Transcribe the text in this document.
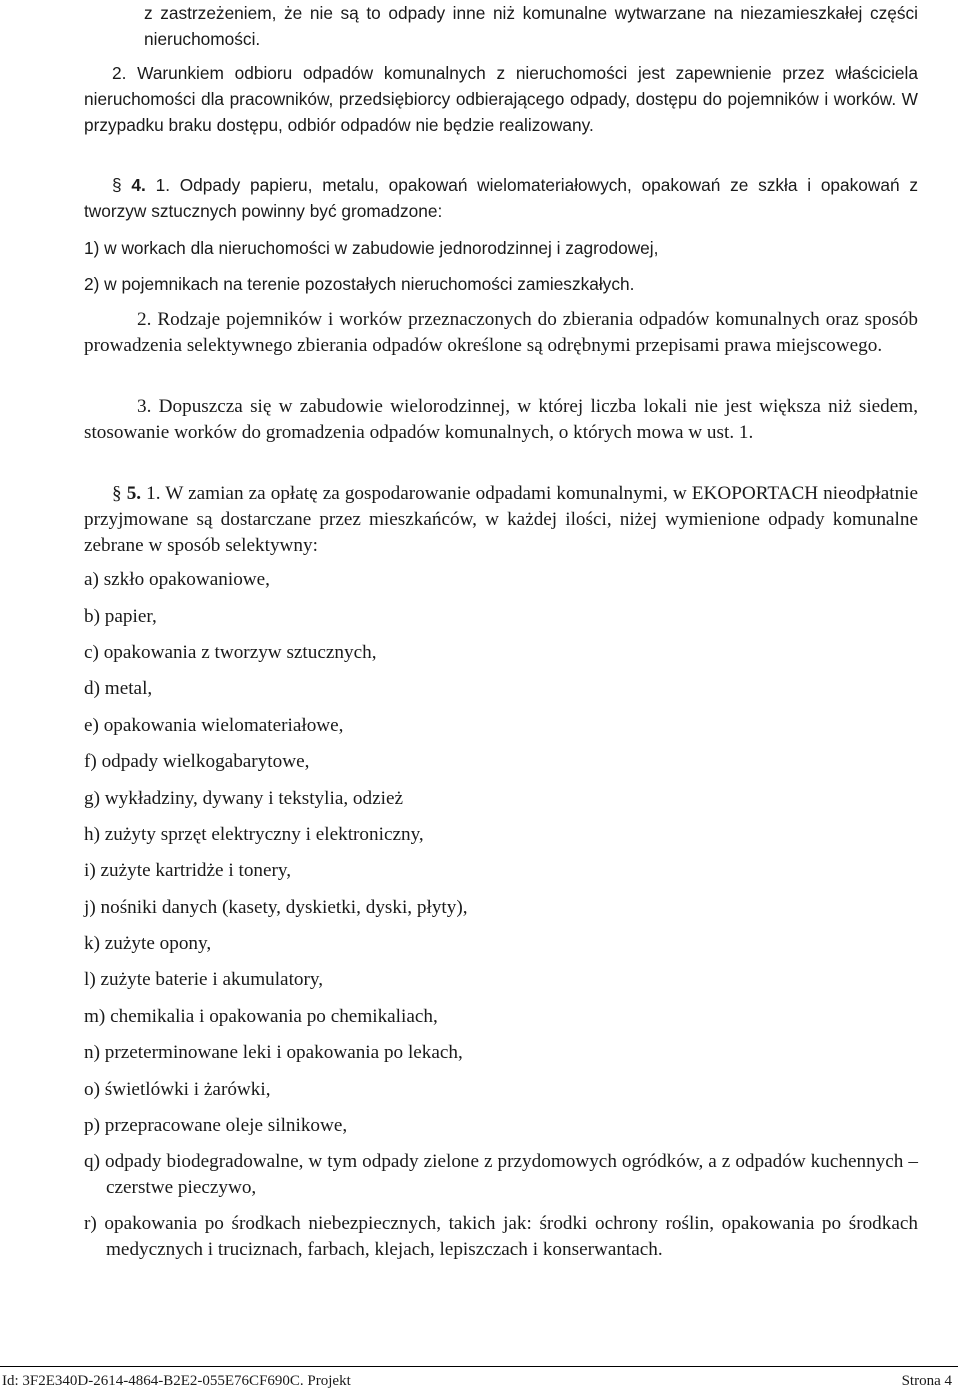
z zastrzeżeniem, że nie są to odpady inne niż komunalne wytwarzane na niezamieszkałej części nieruchomości.

2. Warunkiem odbioru odpadów komunalnych z nieruchomości jest zapewnienie przez właściciela nieruchomości dla pracowników, przedsiębiorcy odbierającego odpady, dostępu do pojemników i worków. W przypadku braku dostępu, odbiór odpadów nie będzie realizowany.

§ 4. 1. Odpady papieru, metalu, opakowań wielomateriałowych, opakowań ze szkła i opakowań z tworzyw sztucznych powinny być gromadzone:

1) w workach dla nieruchomości w zabudowie jednorodzinnej i zagrodowej,

2) w pojemnikach na terenie pozostałych nieruchomości zamieszkałych.

2. Rodzaje pojemników i worków przeznaczonych do zbierania odpadów komunalnych oraz sposób prowadzenia selektywnego zbierania odpadów określone są odrębnymi przepisami prawa miejscowego.

3. Dopuszcza się w zabudowie wielorodzinnej, w której liczba lokali nie jest większa niż siedem, stosowanie worków do gromadzenia odpadów komunalnych, o których mowa w ust. 1.

§ 5. 1. W zamian za opłatę za gospodarowanie odpadami komunalnymi, w EKOPORTACH nieodpłatnie przyjmowane są dostarczane przez mieszkańców, w każdej ilości, niżej wymienione odpady komunalne zebrane w sposób selektywny:

a) szkło opakowaniowe,

b) papier,

c) opakowania z tworzyw sztucznych,

d) metal,

e) opakowania wielomateriałowe,

f) odpady wielkogabarytowe,

g) wykładziny, dywany i tekstylia, odzież

h) zużyty sprzęt elektryczny i elektroniczny,

i) zużyte kartridże i tonery,

j) nośniki danych (kasety, dyskietki, dyski, płyty),

k) zużyte opony,

l) zużyte baterie i akumulatory,

m) chemikalia i opakowania po chemikaliach,

n) przeterminowane leki i opakowania po lekach,

o) świetlówki i żarówki,

p) przepracowane oleje silnikowe,

q) odpady biodegradowalne, w tym odpady zielone z przydomowych ogródków, a z odpadów kuchennych – czerstwe pieczywo,

r) opakowania po środkach niebezpiecznych, takich jak: środki ochrony roślin, opakowania po środkach medycznych i truciznach, farbach, klejach, lepiszczach i konserwantach.

Id: 3F2E340D-2614-4864-B2E2-055E76CF690C. Projekt	Strona 4
